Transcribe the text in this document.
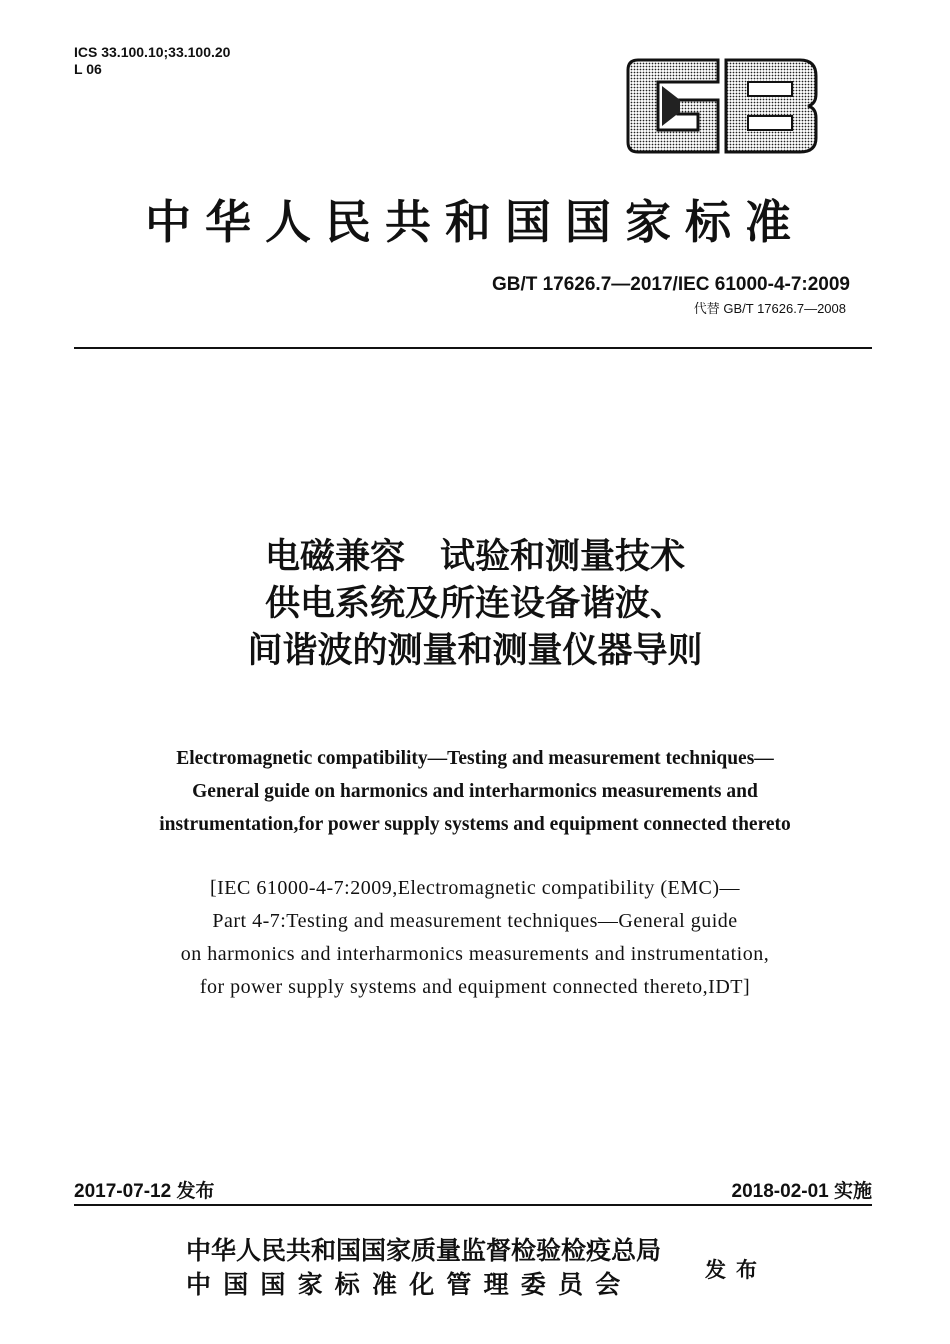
ICS 33.100.10;33.100.20
L 06
中华人民共和国国家标准
GB/T 17626.7—2017/IEC 61000-4-7:2009
代替 GB/T 17626.7—2008
电磁兼容　试验和测量技术
供电系统及所连设备谐波、
间谐波的测量和测量仪器导则
Electromagnetic compatibility—Testing and measurement techniques—
General guide on harmonics and interharmonics measurements and
instrumentation,for power supply systems and equipment connected thereto
[IEC 61000-4-7:2009,Electromagnetic compatibility (EMC)—
Part 4-7:Testing and measurement techniques—General guide
on harmonics and interharmonics measurements and instrumentation,
for power supply systems and equipment connected thereto,IDT]
2017-07-12 发布	2018-02-01 实施
中华人民共和国国家质量监督检验检疫总局
中国国家标准化管理委员会
发布
